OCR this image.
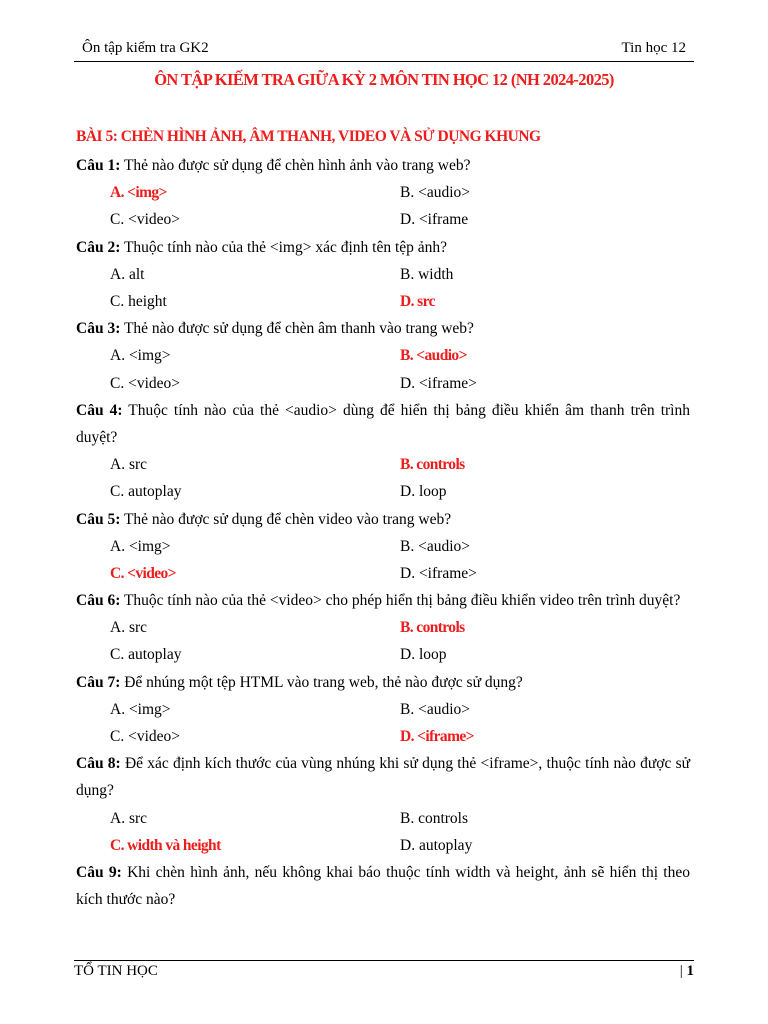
Ôn tập kiểm tra GK2	Tin học 12
ÔN TẬP KIẾM TRA GIỮA KỲ 2 MÔN TIN HỌC 12 (NH 2024-2025)
BÀI 5: CHÈN HÌNH ẢNH, ÂM THANH, VIDEO VÀ SỬ DỤNG KHUNG
Câu 1: Thẻ nào được sử dụng để chèn hình ảnh vào trang web?
A. <img>	B. <audio>
C. <video>	D. <iframe
Câu 2: Thuộc tính nào của thẻ <img> xác định tên tệp ảnh?
A. alt	B. width
C. height	D. src
Câu 3: Thẻ nào được sử dụng để chèn âm thanh vào trang web?
A. <img>	B. <audio>
C. <video>	D. <iframe>
Câu 4: Thuộc tính nào của thẻ <audio> dùng để hiển thị bảng điều khiển âm thanh trên trình duyệt?
A. src	B. controls
C. autoplay	D. loop
Câu 5: Thẻ nào được sử dụng để chèn video vào trang web?
A. <img>	B. <audio>
C. <video>	D. <iframe>
Câu 6: Thuộc tính nào của thẻ <video> cho phép hiển thị bảng điều khiển video trên trình duyệt?
A. src	B. controls
C. autoplay	D. loop
Câu 7: Để nhúng một tệp HTML vào trang web, thẻ nào được sử dụng?
A. <img>	B. <audio>
C. <video>	D. <iframe>
Câu 8: Để xác định kích thước của vùng nhúng khi sử dụng thẻ <iframe>, thuộc tính nào được sử dụng?
A. src	B. controls
C. width và height	D. autoplay
Câu 9: Khi chèn hình ảnh, nếu không khai báo thuộc tính width và height, ảnh sẽ hiển thị theo kích thước nào?
TỔ TIN HỌC	| 1
